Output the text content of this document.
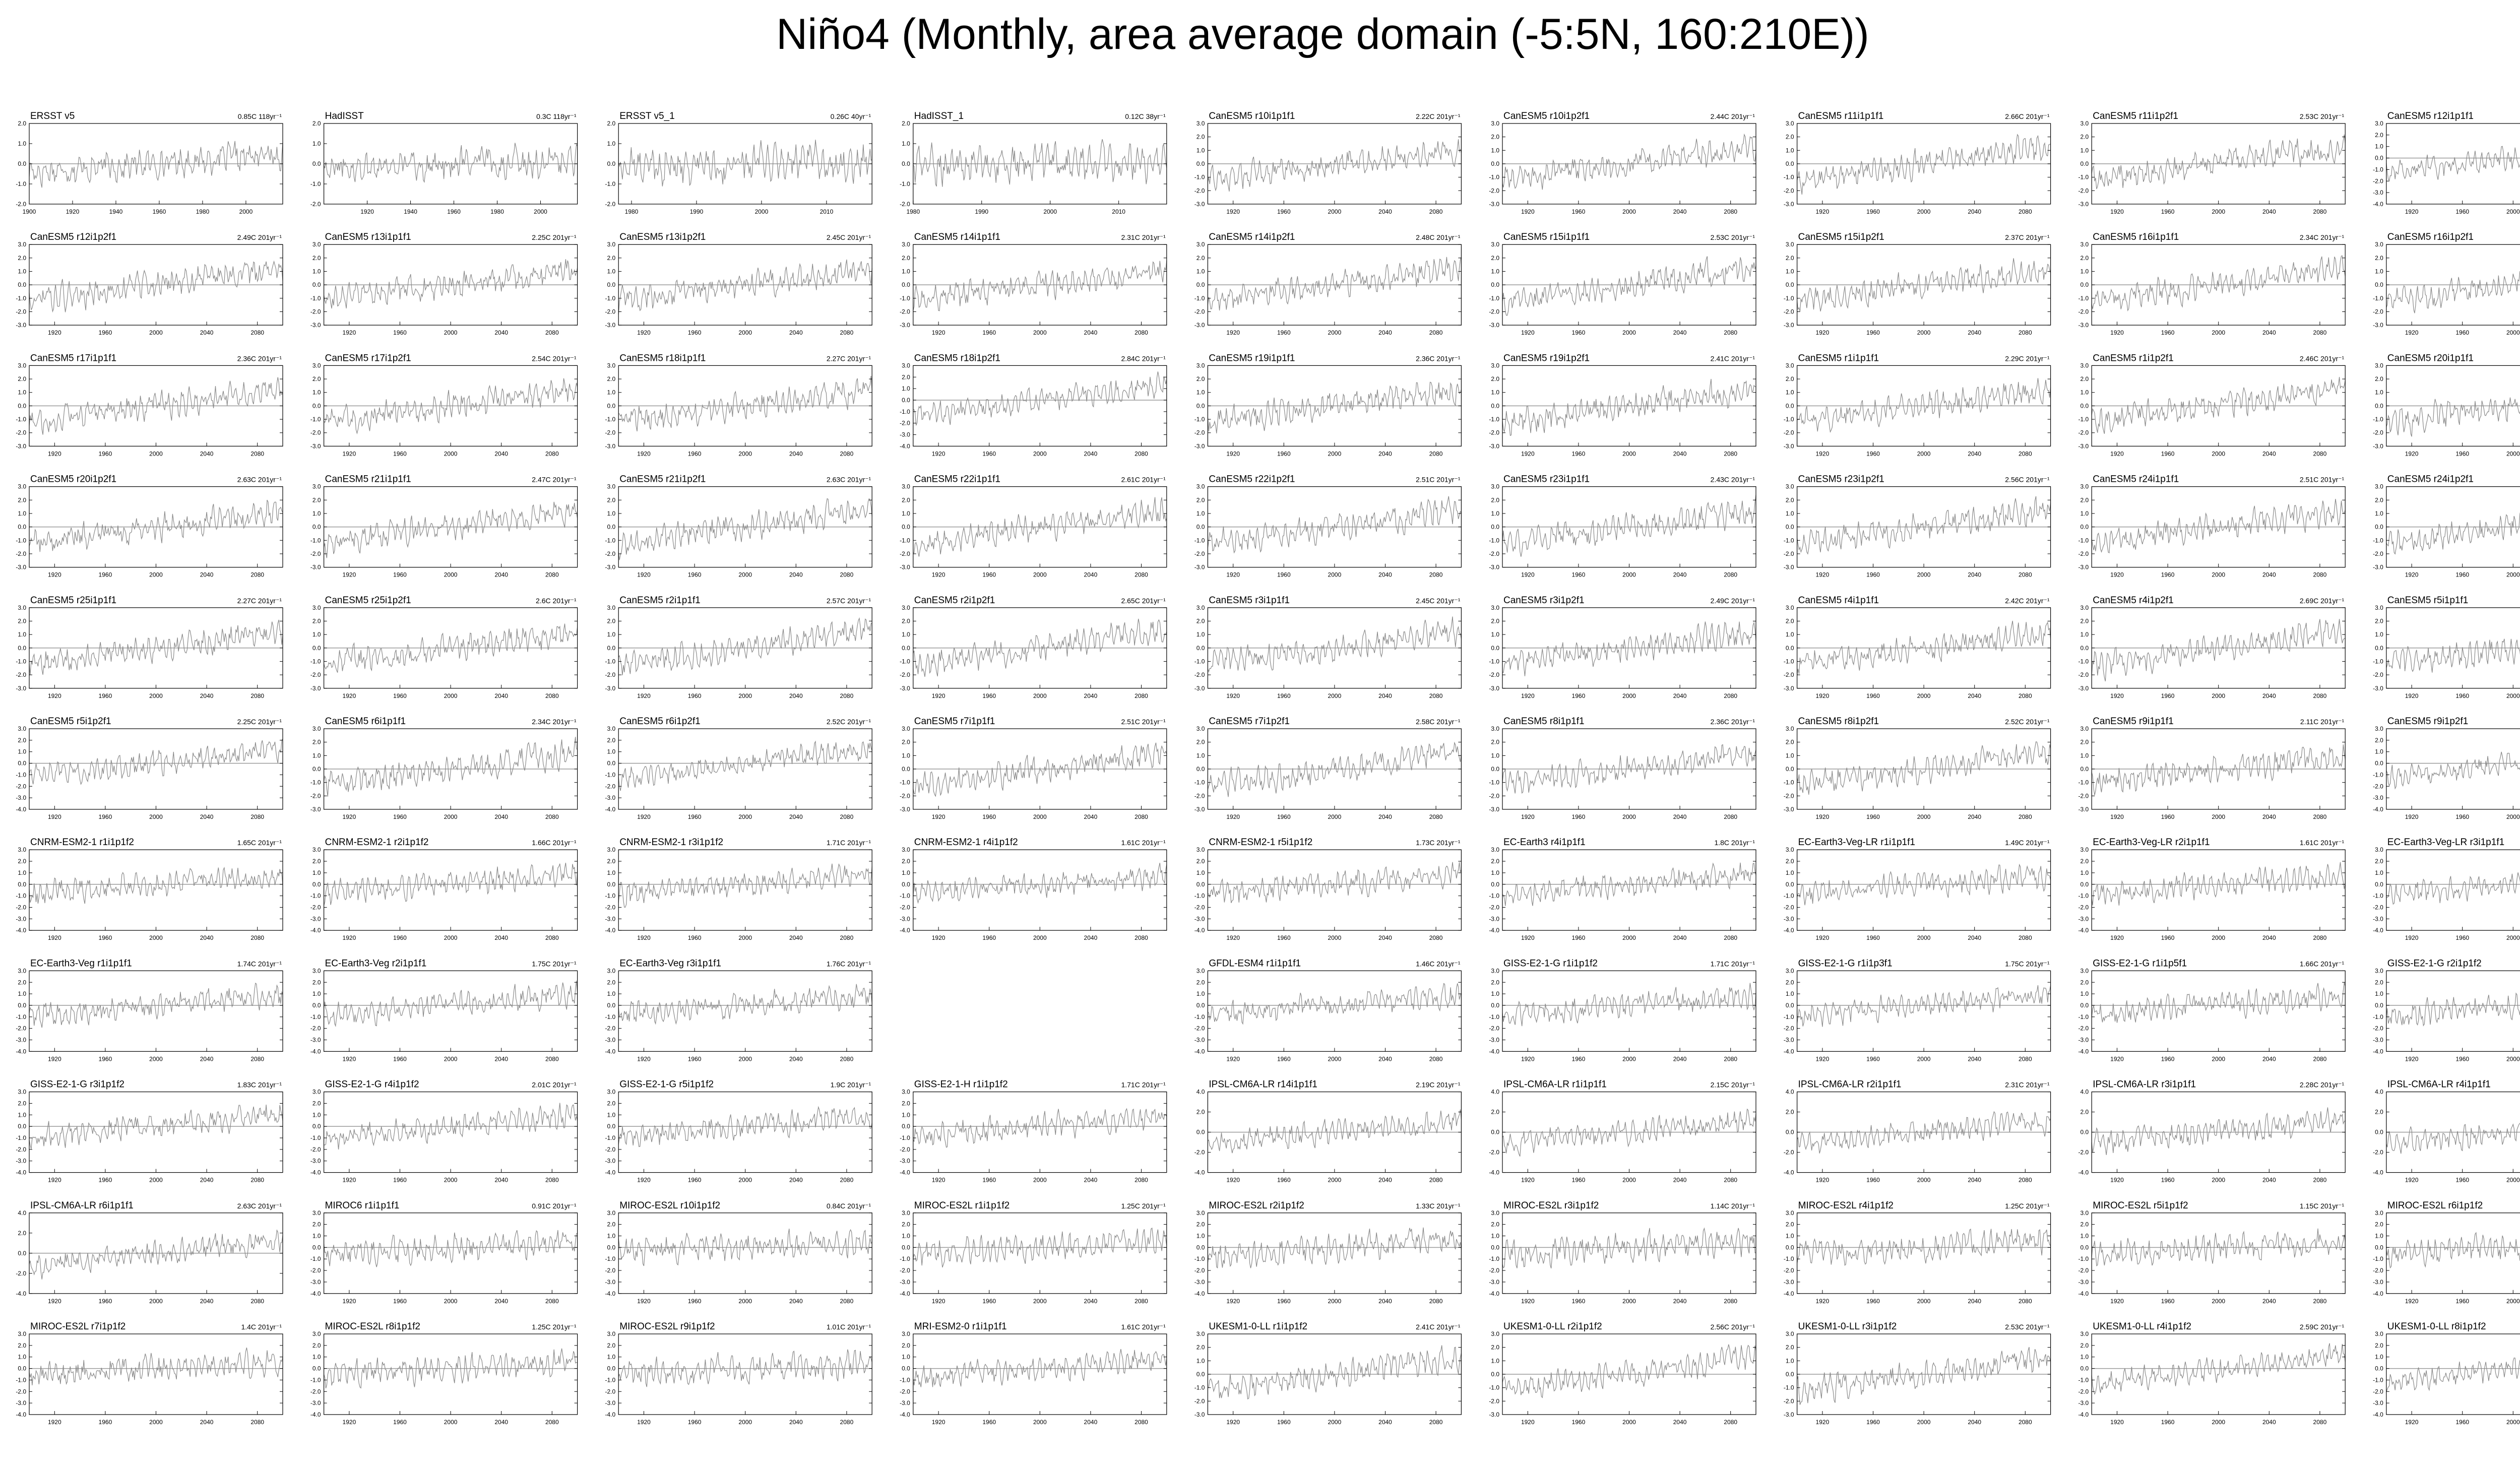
Niño4 (Monthly, area average domain (-5:5N, 160:210E))
ERSST v5	0.85C 118yr⁻¹
-2.0
-1.0
0.0
1.0
2.0
1900	1920	1940	1960	1980	2000
HadISST	0.3C 118yr⁻¹
-2.0
-1.0
0.0
1.0
2.0
1920	1940	1960	1980	2000
ERSST v5_1	0.26C 40yr⁻¹
-2.0
-1.0
0.0
1.0
2.0
1980	1990	2000	2010
HadISST_1	0.12C 38yr⁻¹
-2.0
-1.0
0.0
1.0
2.0
1980	1990	2000	2010
CanESM5 r10i1p1f1	2.22C 201yr⁻¹
-3.0
-2.0
-1.0
0.0
1.0
2.0
3.0
1920	1960	2000	2040	2080
CanESM5 r10i1p2f1	2.44C 201yr⁻¹
-3.0
-2.0
-1.0
0.0
1.0
2.0
3.0
1920	1960	2000	2040	2080
CanESM5 r11i1p1f1	2.66C 201yr⁻¹
-3.0
-2.0
-1.0
0.0
1.0
2.0
3.0
1920	1960	2000	2040	2080
CanESM5 r11i1p2f1	2.53C 201yr⁻¹
-3.0
-2.0
-1.0
0.0
1.0
2.0
3.0
1920	1960	2000	2040	2080
CanESM5 r12i1p1f1
-4.0
-3.0
-2.0
-1.0
0.0
1.0
2.0
3.0
1920	1960	2000
CanESM5 r12i1p2f1	2.49C 201yr⁻¹
-3.0
-2.0
-1.0
0.0
1.0
2.0
3.0
1920	1960	2000	2040	2080
CanESM5 r13i1p1f1	2.25C 201yr⁻¹
-3.0
-2.0
-1.0
0.0
1.0
2.0
3.0
1920	1960	2000	2040	2080
CanESM5 r13i1p2f1	2.45C 201yr⁻¹
-3.0
-2.0
-1.0
0.0
1.0
2.0
3.0
1920	1960	2000	2040	2080
CanESM5 r14i1p1f1	2.31C 201yr⁻¹
-3.0
-2.0
-1.0
0.0
1.0
2.0
3.0
1920	1960	2000	2040	2080
CanESM5 r14i1p2f1	2.48C 201yr⁻¹
-3.0
-2.0
-1.0
0.0
1.0
2.0
3.0
1920	1960	2000	2040	2080
CanESM5 r15i1p1f1	2.53C 201yr⁻¹
-3.0
-2.0
-1.0
0.0
1.0
2.0
3.0
1920	1960	2000	2040	2080
CanESM5 r15i1p2f1	2.37C 201yr⁻¹
-3.0
-2.0
-1.0
0.0
1.0
2.0
3.0
1920	1960	2000	2040	2080
CanESM5 r16i1p1f1	2.34C 201yr⁻¹
-3.0
-2.0
-1.0
0.0
1.0
2.0
3.0
1920	1960	2000	2040	2080
CanESM5 r16i1p2f1
-3.0
-2.0
-1.0
0.0
1.0
2.0
3.0
1920	1960	2000
CanESM5 r17i1p1f1	2.36C 201yr⁻¹
-3.0
-2.0
-1.0
0.0
1.0
2.0
3.0
1920	1960	2000	2040	2080
CanESM5 r17i1p2f1	2.54C 201yr⁻¹
-3.0
-2.0
-1.0
0.0
1.0
2.0
3.0
1920	1960	2000	2040	2080
CanESM5 r18i1p1f1	2.27C 201yr⁻¹
-3.0
-2.0
-1.0
0.0
1.0
2.0
3.0
1920	1960	2000	2040	2080
CanESM5 r18i1p2f1	2.84C 201yr⁻¹
-4.0
-3.0
-2.0
-1.0
0.0
1.0
2.0
3.0
1920	1960	2000	2040	2080
CanESM5 r19i1p1f1	2.36C 201yr⁻¹
-3.0
-2.0
-1.0
0.0
1.0
2.0
3.0
1920	1960	2000	2040	2080
CanESM5 r19i1p2f1	2.41C 201yr⁻¹
-3.0
-2.0
-1.0
0.0
1.0
2.0
3.0
1920	1960	2000	2040	2080
CanESM5 r1i1p1f1	2.29C 201yr⁻¹
-3.0
-2.0
-1.0
0.0
1.0
2.0
3.0
1920	1960	2000	2040	2080
CanESM5 r1i1p2f1	2.46C 201yr⁻¹
-3.0
-2.0
-1.0
0.0
1.0
2.0
3.0
1920	1960	2000	2040	2080
CanESM5 r20i1p1f1
-3.0
-2.0
-1.0
0.0
1.0
2.0
3.0
1920	1960	2000
CanESM5 r20i1p2f1	2.63C 201yr⁻¹
-3.0
-2.0
-1.0
0.0
1.0
2.0
3.0
1920	1960	2000	2040	2080
CanESM5 r21i1p1f1	2.47C 201yr⁻¹
-3.0
-2.0
-1.0
0.0
1.0
2.0
3.0
1920	1960	2000	2040	2080
CanESM5 r21i1p2f1	2.63C 201yr⁻¹
-3.0
-2.0
-1.0
0.0
1.0
2.0
3.0
1920	1960	2000	2040	2080
CanESM5 r22i1p1f1	2.61C 201yr⁻¹
-3.0
-2.0
-1.0
0.0
1.0
2.0
3.0
1920	1960	2000	2040	2080
CanESM5 r22i1p2f1	2.51C 201yr⁻¹
-3.0
-2.0
-1.0
0.0
1.0
2.0
3.0
1920	1960	2000	2040	2080
CanESM5 r23i1p1f1	2.43C 201yr⁻¹
-3.0
-2.0
-1.0
0.0
1.0
2.0
3.0
1920	1960	2000	2040	2080
CanESM5 r23i1p2f1	2.56C 201yr⁻¹
-3.0
-2.0
-1.0
0.0
1.0
2.0
3.0
1920	1960	2000	2040	2080
CanESM5 r24i1p1f1	2.51C 201yr⁻¹
-3.0
-2.0
-1.0
0.0
1.0
2.0
3.0
1920	1960	2000	2040	2080
CanESM5 r24i1p2f1
-3.0
-2.0
-1.0
0.0
1.0
2.0
3.0
1920	1960	2000
CanESM5 r25i1p1f1	2.27C 201yr⁻¹
-3.0
-2.0
-1.0
0.0
1.0
2.0
3.0
1920	1960	2000	2040	2080
CanESM5 r25i1p2f1	2.6C 201yr⁻¹
-3.0
-2.0
-1.0
0.0
1.0
2.0
3.0
1920	1960	2000	2040	2080
CanESM5 r2i1p1f1	2.57C 201yr⁻¹
-3.0
-2.0
-1.0
0.0
1.0
2.0
3.0
1920	1960	2000	2040	2080
CanESM5 r2i1p2f1	2.65C 201yr⁻¹
-3.0
-2.0
-1.0
0.0
1.0
2.0
3.0
1920	1960	2000	2040	2080
CanESM5 r3i1p1f1	2.45C 201yr⁻¹
-3.0
-2.0
-1.0
0.0
1.0
2.0
3.0
1920	1960	2000	2040	2080
CanESM5 r3i1p2f1	2.49C 201yr⁻¹
-3.0
-2.0
-1.0
0.0
1.0
2.0
3.0
1920	1960	2000	2040	2080
CanESM5 r4i1p1f1	2.42C 201yr⁻¹
-3.0
-2.0
-1.0
0.0
1.0
2.0
3.0
1920	1960	2000	2040	2080
CanESM5 r4i1p2f1	2.69C 201yr⁻¹
-3.0
-2.0
-1.0
0.0
1.0
2.0
3.0
1920	1960	2000	2040	2080
CanESM5 r5i1p1f1
-3.0
-2.0
-1.0
0.0
1.0
2.0
3.0
1920	1960	2000
CanESM5 r5i1p2f1	2.25C 201yr⁻¹
-4.0
-3.0
-2.0
-1.0
0.0
1.0
2.0
3.0
1920	1960	2000	2040	2080
CanESM5 r6i1p1f1	2.34C 201yr⁻¹
-3.0
-2.0
-1.0
0.0
1.0
2.0
3.0
1920	1960	2000	2040	2080
CanESM5 r6i1p2f1	2.52C 201yr⁻¹
-4.0
-3.0
-2.0
-1.0
0.0
1.0
2.0
3.0
1920	1960	2000	2040	2080
CanESM5 r7i1p1f1	2.51C 201yr⁻¹
-3.0
-2.0
-1.0
0.0
1.0
2.0
3.0
1920	1960	2000	2040	2080
CanESM5 r7i1p2f1	2.58C 201yr⁻¹
-3.0
-2.0
-1.0
0.0
1.0
2.0
3.0
1920	1960	2000	2040	2080
CanESM5 r8i1p1f1	2.36C 201yr⁻¹
-3.0
-2.0
-1.0
0.0
1.0
2.0
3.0
1920	1960	2000	2040	2080
CanESM5 r8i1p2f1	2.52C 201yr⁻¹
-3.0
-2.0
-1.0
0.0
1.0
2.0
3.0
1920	1960	2000	2040	2080
CanESM5 r9i1p1f1	2.11C 201yr⁻¹
-3.0
-2.0
-1.0
0.0
1.0
2.0
3.0
1920	1960	2000	2040	2080
CanESM5 r9i1p2f1
-4.0
-3.0
-2.0
-1.0
0.0
1.0
2.0
3.0
1920	1960	2000
CNRM-ESM2-1 r1i1p1f2	1.65C 201yr⁻¹
-4.0
-3.0
-2.0
-1.0
0.0
1.0
2.0
3.0
1920	1960	2000	2040	2080
CNRM-ESM2-1 r2i1p1f2	1.66C 201yr⁻¹
-4.0
-3.0
-2.0
-1.0
0.0
1.0
2.0
3.0
1920	1960	2000	2040	2080
CNRM-ESM2-1 r3i1p1f2	1.71C 201yr⁻¹
-4.0
-3.0
-2.0
-1.0
0.0
1.0
2.0
3.0
1920	1960	2000	2040	2080
CNRM-ESM2-1 r4i1p1f2	1.61C 201yr⁻¹
-4.0
-3.0
-2.0
-1.0
0.0
1.0
2.0
3.0
1920	1960	2000	2040	2080
CNRM-ESM2-1 r5i1p1f2	1.73C 201yr⁻¹
-4.0
-3.0
-2.0
-1.0
0.0
1.0
2.0
3.0
1920	1960	2000	2040	2080
EC-Earth3 r4i1p1f1	1.8C 201yr⁻¹
-4.0
-3.0
-2.0
-1.0
0.0
1.0
2.0
3.0
1920	1960	2000	2040	2080
EC-Earth3-Veg-LR r1i1p1f1	1.49C 201yr⁻¹
-4.0
-3.0
-2.0
-1.0
0.0
1.0
2.0
3.0
1920	1960	2000	2040	2080
EC-Earth3-Veg-LR r2i1p1f1	1.61C 201yr⁻¹
-4.0
-3.0
-2.0
-1.0
0.0
1.0
2.0
3.0
1920	1960	2000	2040	2080
EC-Earth3-Veg-LR r3i1p1f1
-4.0
-3.0
-2.0
-1.0
0.0
1.0
2.0
3.0
1920	1960	2000
EC-Earth3-Veg r1i1p1f1	1.74C 201yr⁻¹
-4.0
-3.0
-2.0
-1.0
0.0
1.0
2.0
3.0
1920	1960	2000	2040	2080
EC-Earth3-Veg r2i1p1f1	1.75C 201yr⁻¹
-4.0
-3.0
-2.0
-1.0
0.0
1.0
2.0
3.0
1920	1960	2000	2040	2080
EC-Earth3-Veg r3i1p1f1	1.76C 201yr⁻¹
-4.0
-3.0
-2.0
-1.0
0.0
1.0
2.0
3.0
1920	1960	2000	2040	2080
GFDL-ESM4 r1i1p1f1	1.46C 201yr⁻¹
-4.0
-3.0
-2.0
-1.0
0.0
1.0
2.0
3.0
1920	1960	2000	2040	2080
GISS-E2-1-G r1i1p1f2	1.71C 201yr⁻¹
-4.0
-3.0
-2.0
-1.0
0.0
1.0
2.0
3.0
1920	1960	2000	2040	2080
GISS-E2-1-G r1i1p3f1	1.75C 201yr⁻¹
-4.0
-3.0
-2.0
-1.0
0.0
1.0
2.0
3.0
1920	1960	2000	2040	2080
GISS-E2-1-G r1i1p5f1	1.66C 201yr⁻¹
-4.0
-3.0
-2.0
-1.0
0.0
1.0
2.0
3.0
1920	1960	2000	2040	2080
GISS-E2-1-G r2i1p1f2
-4.0
-3.0
-2.0
-1.0
0.0
1.0
2.0
3.0
1920	1960	2000
GISS-E2-1-G r3i1p1f2	1.83C 201yr⁻¹
-4.0
-3.0
-2.0
-1.0
0.0
1.0
2.0
3.0
1920	1960	2000	2040	2080
GISS-E2-1-G r4i1p1f2	2.01C 201yr⁻¹
-4.0
-3.0
-2.0
-1.0
0.0
1.0
2.0
3.0
1920	1960	2000	2040	2080
GISS-E2-1-G r5i1p1f2	1.9C 201yr⁻¹
-4.0
-3.0
-2.0
-1.0
0.0
1.0
2.0
3.0
1920	1960	2000	2040	2080
GISS-E2-1-H r1i1p1f2	1.71C 201yr⁻¹
-4.0
-3.0
-2.0
-1.0
0.0
1.0
2.0
3.0
1920	1960	2000	2040	2080
IPSL-CM6A-LR r14i1p1f1	2.19C 201yr⁻¹
-4.0
-2.0
0.0
2.0
4.0
1920	1960	2000	2040	2080
IPSL-CM6A-LR r1i1p1f1	2.15C 201yr⁻¹
-4.0
-2.0
0.0
2.0
4.0
1920	1960	2000	2040	2080
IPSL-CM6A-LR r2i1p1f1	2.31C 201yr⁻¹
-4.0
-2.0
0.0
2.0
4.0
1920	1960	2000	2040	2080
IPSL-CM6A-LR r3i1p1f1	2.28C 201yr⁻¹
-4.0
-2.0
0.0
2.0
4.0
1920	1960	2000	2040	2080
IPSL-CM6A-LR r4i1p1f1
-4.0
-2.0
0.0
2.0
4.0
1920	1960	2000
IPSL-CM6A-LR r6i1p1f1	2.63C 201yr⁻¹
-4.0
-2.0
0.0
2.0
4.0
1920	1960	2000	2040	2080
MIROC6 r1i1p1f1	0.91C 201yr⁻¹
-4.0
-3.0
-2.0
-1.0
0.0
1.0
2.0
3.0
1920	1960	2000	2040	2080
MIROC-ES2L r10i1p1f2	0.84C 201yr⁻¹
-4.0
-3.0
-2.0
-1.0
0.0
1.0
2.0
3.0
1920	1960	2000	2040	2080
MIROC-ES2L r1i1p1f2	1.25C 201yr⁻¹
-4.0
-3.0
-2.0
-1.0
0.0
1.0
2.0
3.0
1920	1960	2000	2040	2080
MIROC-ES2L r2i1p1f2	1.33C 201yr⁻¹
-4.0
-3.0
-2.0
-1.0
0.0
1.0
2.0
3.0
1920	1960	2000	2040	2080
MIROC-ES2L r3i1p1f2	1.14C 201yr⁻¹
-4.0
-3.0
-2.0
-1.0
0.0
1.0
2.0
3.0
1920	1960	2000	2040	2080
MIROC-ES2L r4i1p1f2	1.25C 201yr⁻¹
-4.0
-3.0
-2.0
-1.0
0.0
1.0
2.0
3.0
1920	1960	2000	2040	2080
MIROC-ES2L r5i1p1f2	1.15C 201yr⁻¹
-4.0
-3.0
-2.0
-1.0
0.0
1.0
2.0
3.0
1920	1960	2000	2040	2080
MIROC-ES2L r6i1p1f2
-4.0
-3.0
-2.0
-1.0
0.0
1.0
2.0
3.0
1920	1960	2000
MIROC-ES2L r7i1p1f2	1.4C 201yr⁻¹
-4.0
-3.0
-2.0
-1.0
0.0
1.0
2.0
3.0
1920	1960	2000	2040	2080
MIROC-ES2L r8i1p1f2	1.25C 201yr⁻¹
-4.0
-3.0
-2.0
-1.0
0.0
1.0
2.0
3.0
1920	1960	2000	2040	2080
MIROC-ES2L r9i1p1f2	1.01C 201yr⁻¹
-4.0
-3.0
-2.0
-1.0
0.0
1.0
2.0
3.0
1920	1960	2000	2040	2080
MRI-ESM2-0 r1i1p1f1	1.61C 201yr⁻¹
-4.0
-3.0
-2.0
-1.0
0.0
1.0
2.0
3.0
1920	1960	2000	2040	2080
UKESM1-0-LL r1i1p1f2	2.41C 201yr⁻¹
-3.0
-2.0
-1.0
0.0
1.0
2.0
3.0
1920	1960	2000	2040	2080
UKESM1-0-LL r2i1p1f2	2.56C 201yr⁻¹
-3.0
-2.0
-1.0
0.0
1.0
2.0
3.0
1920	1960	2000	2040	2080
UKESM1-0-LL r3i1p1f2	2.53C 201yr⁻¹
-3.0
-2.0
-1.0
0.0
1.0
2.0
3.0
1920	1960	2000	2040	2080
UKESM1-0-LL r4i1p1f2	2.59C 201yr⁻¹
-4.0
-3.0
-2.0
-1.0
0.0
1.0
2.0
3.0
1920	1960	2000	2040	2080
UKESM1-0-LL r8i1p1f2
-4.0
-3.0
-2.0
-1.0
0.0
1.0
2.0
3.0
1920	1960	2000
